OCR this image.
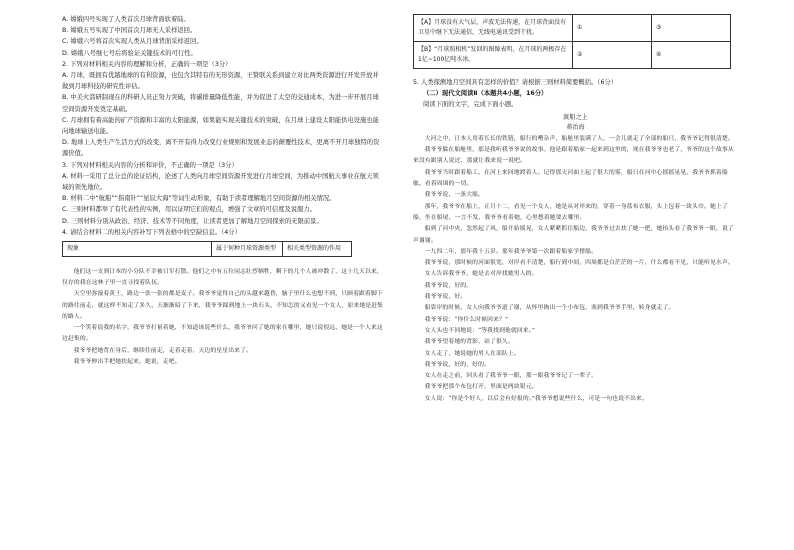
A. 嫦娥四号实现了人类首次月球背面软着陆。

B. 嫦娥五号实现了中国首次月球无人采样返回。

C. 嫦娥六号将首次实现人类从月球背面采样返回。

D. 嫦娥八号继七号后将验证关键技术的可行性。

2. 下列对材料相关内容的理解和分析，正确的一项是（3分）

A. 月球，既拥有优越地球的有利资源，也包含其特有的无形资源，王赞联关系到建立对比两类资源进行开发开放并做到月球科技的研究性评估。

B. 中美火箭研制现在的科研人员正努力突破，将碳排量降低性能，并为促进了太空的交通成本，为进一步开展月球空间资源开发奠定基础。

C. 月球拥有着高能的矿产资源和丰富的太阳能源，如果能实现关键技术的突破，在月球上建设太阳能供电设施也能向地球输送电能。

D. 地球上人类生产生活方式的改变，离不开有得力改变行业规则和发展业态的颠覆性技术，更离不开月球独特的资源价值。

3. 下列对材料相关内容的分析和评价，不正确的一项是（3分）

A. 材料一采用了总分总的论证结构，论述了人类向月球空间资源开发进行月球空间，为推动中国航天事业在航天领域的领先地位。

B. 材料二中“航船”“指南针”“星辰大海”等词生动形象，有助于读者理解地月空间资源的相关情况。

C. 三则材料都举了有代表性的实例，用以证明它们的观点，增强了文章的可信度及说服力。

D. 三则材料分别从政治、经济、技术等不同角度，让读者更加了解地月空间探索的无限前景。

4. 请结合材料二的相关内容补写下列表格中的空缺信息。（4分）

现象	属于何种月球资源类型	相关类型资源的作用

他们这一支到日本的小分队不幸被日军打散。他们之中有五位同志壮烈牺牲，剩下的几个人被冲散了，这十几天以来，仅存的我在这林子里一直寻找着队伍。

天空里弥漫着黄土，路边一张一张的都是麦子。我爷爷觉得自己的头越来越昏，脑子里什么也想不到，只顾着跟着脚下的路往前走，就这样不知走了多久，天渐渐暗了下来，我爷爷踩到地上一块石头，不知怎的又看见一个女人，原来她是赶集的路人。

一个笑着说我的名字，我爷爷打量着她，不知道该说些什么，我爷爷问了她的家在哪里，她只说很远，她是一个人来这边赶集的。

我爷爷把她背在身后，继续往前走，走着走着，天边的星星出来了。

我爷爷伸出手把她扶起来，她说，走吧。

【A】月球没有大气层，声波无法传递，在月球背面没有卫星中继下无法通信，无线电通讯受到干扰。	①	③
【B】“月球照相机”发回的图像表明，在月球的两极存在1亿~100亿吨水冰。	②	④

5. 人类探测地月空间具有怎样的价值？请根据三则材料简要概括。（6分）

（二）现代文阅读Ⅱ（本题共4小题，16分）

阅读下面的文字，完成下面小题。

渡船之上

蒋治海

大河之中，日本人用着长长的铁链，船行的嘈杂声，船舱里装满了人，一会儿就走了全部的船只，我爷爷记得很清楚。

我爷爷躲在船舱里，那是我听我爷爷说的故事。他是跟着船家一起来到这里的，现在我爷爷也老了，爷爷的这个故事从来没有跟别人说过，那就让我来说一说吧。

我爷爷当时跟着船工，在河上来回地渡着人。记得那天河面上起了很大的雾，船只在河中心摇摇晃晃，我爷爷抓着船舷，看着周围的一切。

我爷爷说，一条大船。

那年，我爷爷在船上，正月十二，看见一个女人，她是从对岸来的，穿着一身蓝布衣服，头上包着一块头巾。她上了船，坐在船尾，一言不发，我爷爷看着她，心里想着她要去哪里。

船到了河中央，忽然起了风，船开始摇晃，女人紧紧抓住船边，我爷爷过去扶了她一把，她抬头看了我爷爷一眼，说了声谢谢。

一九四二年，那年我十五岁。那年我爷爷第一次跟着船家学撑船。

我爷爷说，那时候的河面很宽，对岸看不清楚，船行到中间，四周都是白茫茫的一片，什么都看不见，只能听见水声。

女人告诉我爷爷，她是去对岸找她男人的。

我爷爷说，好的。

我爷爷说，好。

船靠岸的时候，女人向我爷爷道了谢，从怀里掏出一个小布包，塞到我爷爷手里，转身就走了。

我爷爷说：“你什么时候回来？”

女人头也不回地说：“等我找到他就回来。”

我爷爷望着她的背影，站了很久。

女人走了，她说她的男人在部队上。

我爷爷说，好的，好的。

女人在走之前，回头看了我爷爷一眼，那一眼我爷爷记了一辈子。

我爷爷把那个布包打开，里面是两块银元。

女人说：“你是个好人，以后会有好报的。”我爷爷想说些什么，可是一句也说不出来。
